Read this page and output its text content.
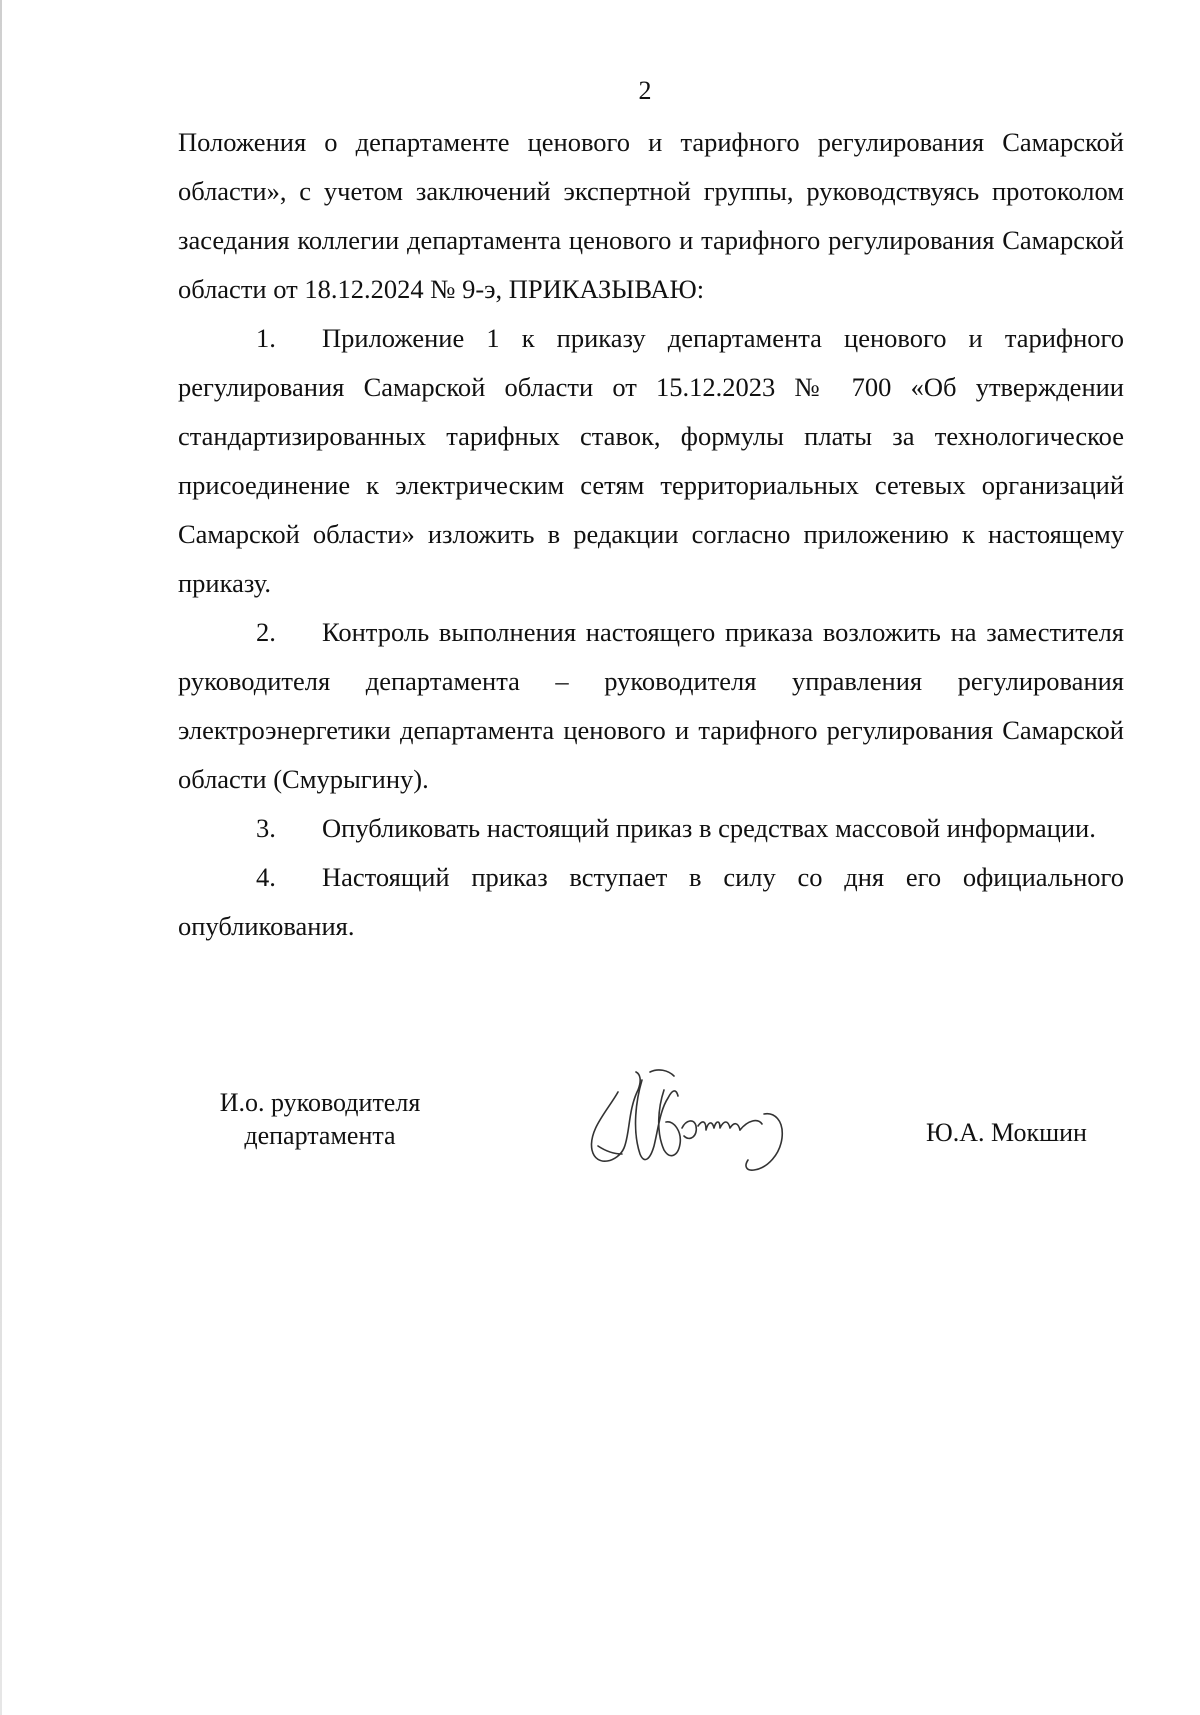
2

Положения о департаменте ценового и тарифного регулирования Самарской области», с учетом заключений экспертной группы, руководствуясь протоколом заседания коллегии департамента ценового и тарифного регулирования Самарской области от 18.12.2024 № 9-э, ПРИКАЗЫВАЮ:

1. Приложение 1 к приказу департамента ценового и тарифного регулирования Самарской области от 15.12.2023 № 700 «Об утверждении стандартизированных тарифных ставок, формулы платы за технологическое присоединение к электрическим сетям территориальных сетевых организаций Самарской области» изложить в редакции согласно приложению к настоящему приказу.

2. Контроль выполнения настоящего приказа возложить на заместителя руководителя департамента – руководителя управления регулирования электроэнергетики департамента ценового и тарифного регулирования Самарской области (Смурыгину).

3. Опубликовать настоящий приказ в средствах массовой информации.

4. Настоящий приказ вступает в силу со дня его официального опубликования.

И.о. руководителя
департамента	Ю.А. Мокшин
